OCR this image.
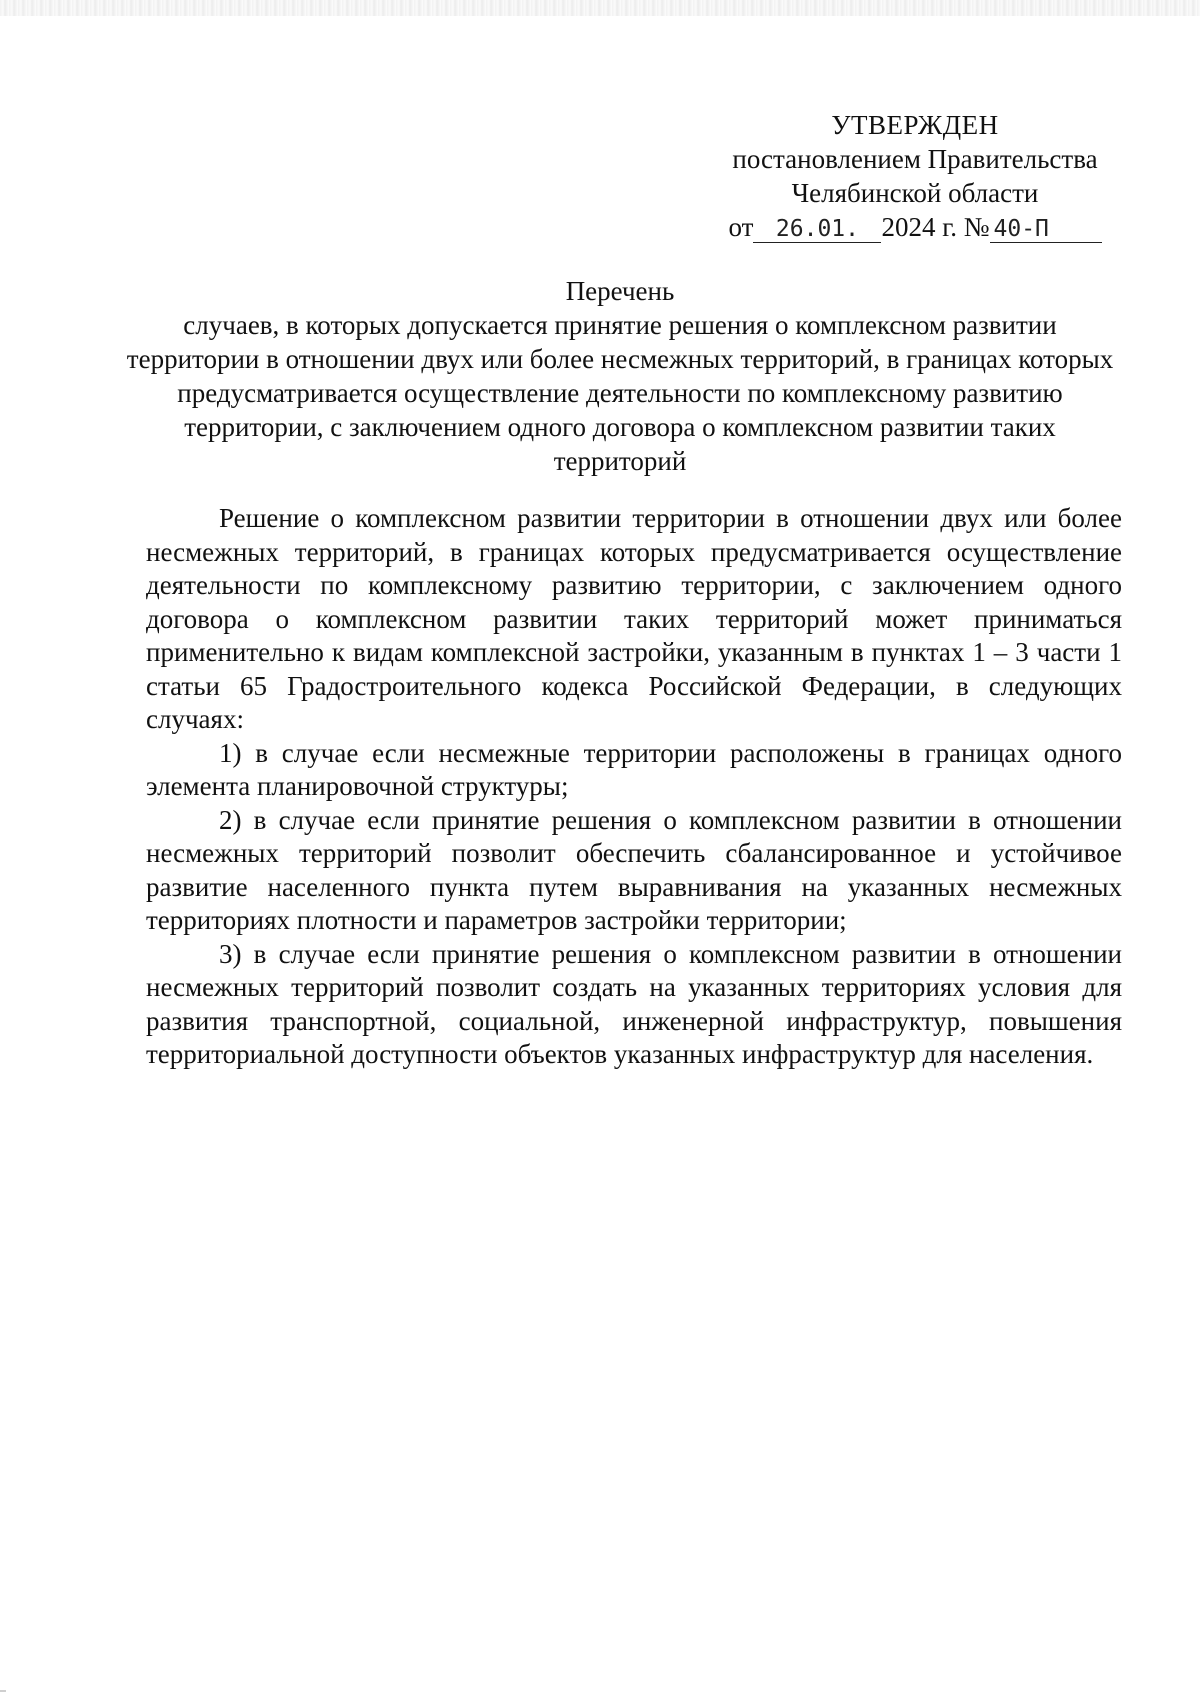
УТВЕРЖДЕН
постановлением Правительства
Челябинской области
от 26.01. 2024 г. № 40-П
Перечень

случаев, в которых допускается принятие решения о комплексном развитии территории в отношении двух или более несмежных территорий, в границах которых предусматривается осуществление деятельности по комплексному развитию территории, с заключением одного договора о комплексном развитии таких территорий

Решение о комплексном развитии территории в отношении двух или более несмежных территорий, в границах которых предусматривается осуществление деятельности по комплексному развитию территории, с заключением одного договора о комплексном развитии таких территорий может приниматься применительно к видам комплексной застройки, указанным в пунктах 1 – 3 части 1 статьи 65 Градостроительного кодекса Российской Федерации, в следующих случаях:

1) в случае если несмежные территории расположены в границах одного элемента планировочной структуры;

2) в случае если принятие решения о комплексном развитии в отношении несмежных территорий позволит обеспечить сбалансированное и устойчивое развитие населенного пункта путем выравнивания на указанных несмежных территориях плотности и параметров застройки территории;

3) в случае если принятие решения о комплексном развитии в отношении несмежных территорий позволит создать на указанных территориях условия для развития транспортной, социальной, инженерной инфраструктур, повышения территориальной доступности объектов указанных инфраструктур для населения.
